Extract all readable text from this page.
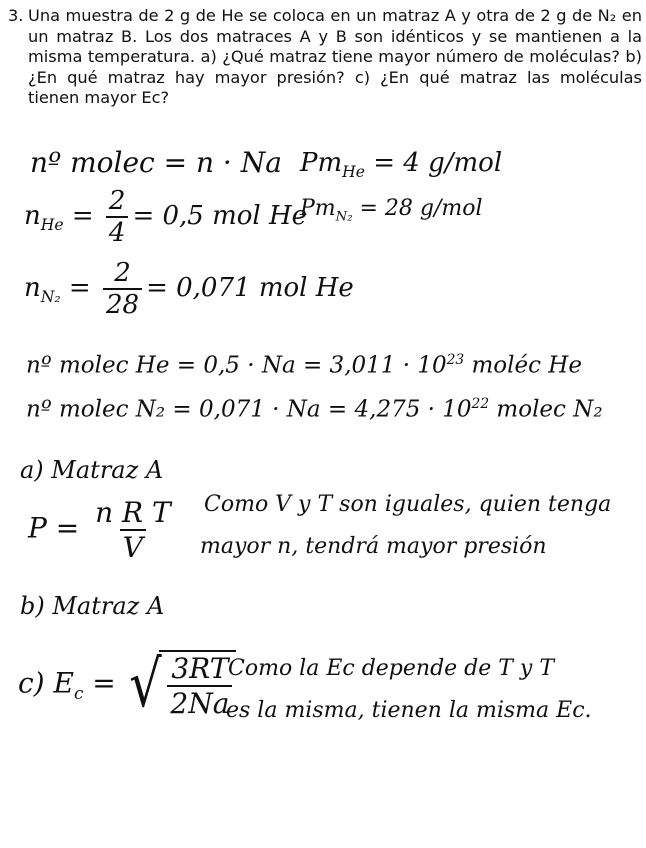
3. Una muestra de 2 g de He se coloca en un matraz A y otra de 2 g de N₂ en un matraz B. Los dos matraces A y B son idénticos y se mantienen a la misma temperatura. a) ¿Qué matraz tiene mayor número de moléculas? b) ¿En qué matraz hay mayor presión? c) ¿En qué matraz las moléculas tienen mayor Ec?
nº molec = n · Na $Pm_{He} = 4$ g/mol
$n_{He} = \frac{2}{4} = 0,5$ mol He
$Pm_{N_2} = 28$ g/mol
$n_{N_2} = \frac{2}{28} = 0,071$ mol He
nº molec $He = 0,5 \cdot Na = 3,011 \cdot 10^{23}$ moléc He
nº molec $N_2 = 0,071 \cdot Na = 4,275 \cdot 10^{22}$ molec N₂
a) Matraz A
$P = \frac{\text{n R T}}{V}$ Como V y T son iguales, quien tenga
mayor n, tendrá mayor presión
b) Matraz A
c) $E_c$ = √ $\frac{3RT}{2Na}$
Como la Ec depende de T y T
es la misma, tienen la misma Ec.
